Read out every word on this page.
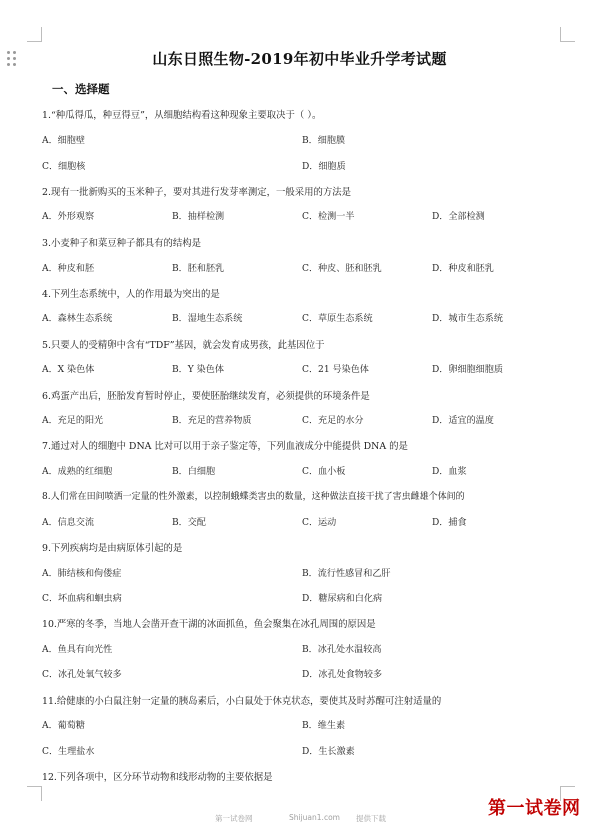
山东日照生物-2019年初中毕业升学考试题
一、选择题
1.“种瓜得瓜，种豆得豆”，从细胞结构看这种现象主要取决于（ ）。
A．细胞壁	B．细胞膜
C．细胞核	D．细胞质
2.现有一批新购买的玉米种子，要对其进行发芽率测定，一般采用的方法是
A．外形观察	B．抽样检测	C．检测一半	D．全部检测
3.小麦种子和菜豆种子都具有的结构是
A．种皮和胚	B．胚和胚乳	C．种皮、胚和胚乳	D．种皮和胚乳
4.下列生态系统中，人的作用最为突出的是
A．森林生态系统	B．湿地生态系统	C．草原生态系统	D．城市生态系统
5.只要人的受精卵中含有“TDF”基因，就会发育成男孩，此基因位于
A．X 染色体	B．Y 染色体	C．21 号染色体	D．卵细胞细胞质
6.鸡蛋产出后，胚胎发育暂时停止，要使胚胎继续发育，必须提供的环境条件是
A．充足的阳光	B．充足的营养物质	C．充足的水分	D．适宜的温度
7.通过对人的细胞中 DNA 比对可以用于亲子鉴定等，下列血液成分中能提供 DNA 的是
A．成熟的红细胞	B．白细胞	C．血小板	D．血浆
8.人们常在田间喷洒一定量的性外激素，以控制蛾蝶类害虫的数量，这种做法直接干扰了害虫雌雄个体间的
A．信息交流	B．交配	C．运动	D．捕食
9.下列疾病均是由病原体引起的是
A．肺结核和佝偻症	B．流行性感冒和乙肝
C．坏血病和蛔虫病	D．糖尿病和白化病
10.严寒的冬季，当地人会凿开查干湖的冰面抓鱼，鱼会聚集在冰孔周围的原因是
A．鱼具有向光性	B．冰孔处水温较高
C．冰孔处氧气较多	D．冰孔处食物较多
11.给健康的小白鼠注射一定量的胰岛素后，小白鼠处于休克状态，要使其及时苏醒可注射适量的
A．葡萄糖	B．维生素
C．生理盐水	D．生长激素
12.下列各项中，区分环节动物和线形动物的主要依据是
第一试卷网	Shijuan1.com 提供下载	第一试卷网
